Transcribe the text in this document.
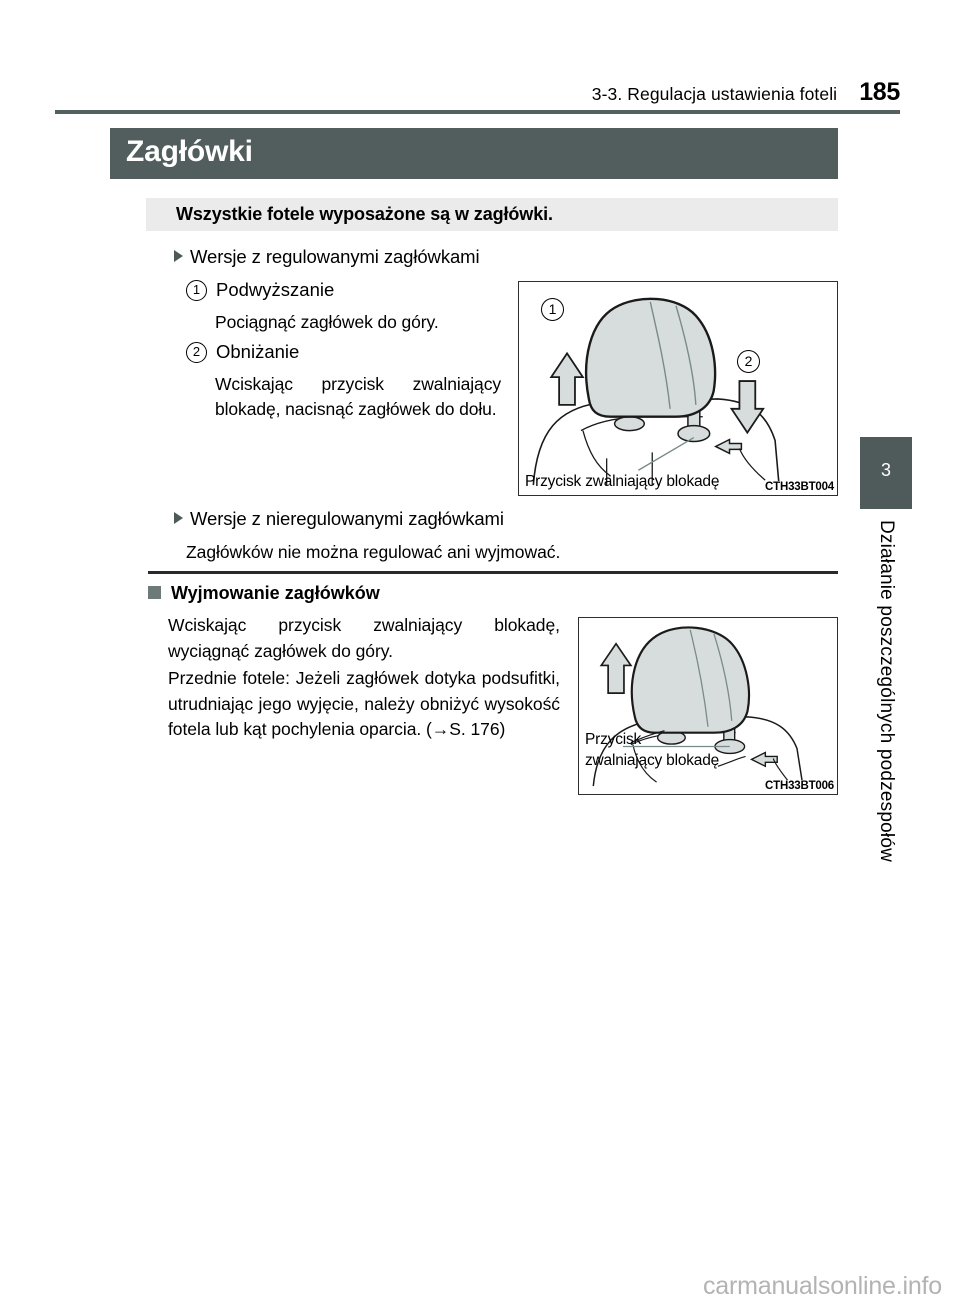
3-3. Regulacja ustawienia foteli 185
Zagłówki
Wszystkie fotele wyposażone są w zagłówki.
Wersje z regulowanymi zagłówkami
1 Podwyższanie
Pociągnąć zagłówek do góry.
2 Obniżanie
Wciskając przycisk zwalniający blokadę, nacisnąć zagłówek do dołu.
1
2
Przycisk zwalniający blokadę	CTH33BT004
Wersje z nieregulowanymi zagłówkami
Zagłówków nie można regulować ani wyjmować.
Wyjmowanie zagłówków
Wciskając przycisk zwalniający blokadę, wyciągnąć zagłówek do góry.
Przednie fotele: Jeżeli zagłówek dotyka podsufitki, utrudniając jego wyjęcie, należy obniżyć wysokość fotela lub kąt pochylenia oparcia. (→S. 176)
Przycisk
zwalniający blokadę
CTH33BT006
3
Działanie poszczególnych podzespołów
carmanualsonline.info
